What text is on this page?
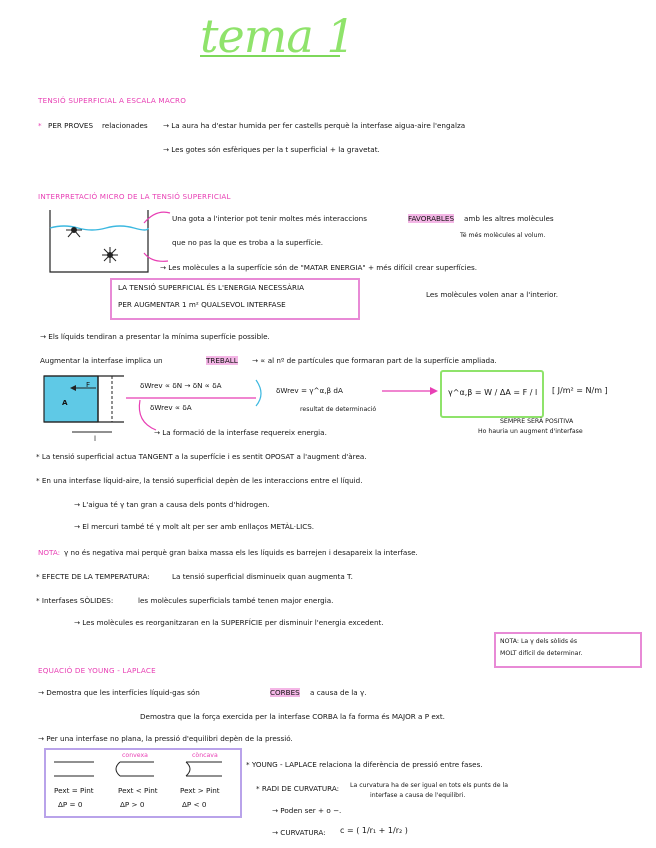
tema 1
TENSIÓ SUPERFICIAL A ESCALA MACRO
* PER PROVES relacionades → La aura ha d'estar humida per fer castells perquè la interfase aigua-aire l'engalza
→ Les gotes són esfèriques per la t superficial + la gravetat.
INTERPRETACIÓ MICRO DE LA TENSIÓ SUPERFICIAL
Una gota a l'interior pot tenir moltes més interaccions	FAVORABLES amb les altres molècules
que no pas la que es troba a la superfície.
Té més molècules al volum.
→ Les molècules a la superfície són de "MATAR ENERGIA" + més difícil crear superfícies.
LA TENSIÓ SUPERFICIAL ÉS L'ENERGIA NECESSÀRIA
PER AUGMENTAR 1 m² QUALSEVOL INTERFASE
Les molècules volen anar a l'interior.
→ Els líquids tendiran a presentar la mínima superfície possible.
Augmentar la interfase implica un	TREBALL → ∝ al nº de partícules que formaran part de la superfície ampliada.
A
F
l
δWrev ∝ δN → δN ∝ δA
δWrev ∝ δA
δWrev = γ^α,β dA
resultat de determinació
γ^α,β = W / ΔA = F / l [ J/m² = N/m ]
SEMPRE SERÀ POSITIVA
Ho hauria un augment d'interfase
→ La formació de la interfase requereix energia.
* La tensió superficial actua TANGENT a la superfície i es sentit OPOSAT a l'augment d'àrea.
* En una interfase líquid-aire, la tensió superficial depèn de les interaccions entre el líquid.
→ L'aigua té γ tan gran a causa dels ponts d'hidrogen.
→ El mercuri també té γ molt alt per ser amb enllaços METÀL·LICS.
NOTA: γ no és negativa mai perquè gran baixa massa els les líquids es barrejen i desapareix la interfase.
* EFECTE DE LA TEMPERATURA:	La tensió superficial disminueix quan augmenta T.
* Interfases SÒLIDES:	les molècules superficials també tenen major energia.
→ Les molècules es reorganitzaran en la SUPERFÍCIE per disminuir l'energia excedent.
NOTA: La γ dels sòlids és
MOLT difícil de determinar.
EQUACIÓ DE YOUNG - LAPLACE
→ Demostra que les interfícies líquid-gas són	CORBES a causa de la γ.
Demostra que la força exercida per la interfase CORBA la fa forma és MAJOR a P ext.
→ Per una interfase no plana, la pressió d'equilibri depèn de la pressió.
convexa	còncava
Pext = Pint	Pext < Pint	Pext > Pint
ΔP = 0	ΔP > 0	ΔP < 0
* YOUNG - LAPLACE relaciona la diferència de pressió entre fases.
* RADI DE CURVATURA: La curvatura ha de ser igual en tots els punts de la
interfase a causa de l'equilibri.
→ Poden ser + o −.
→ CURVATURA: c = ( 1/r₁ + 1/r₂ )
